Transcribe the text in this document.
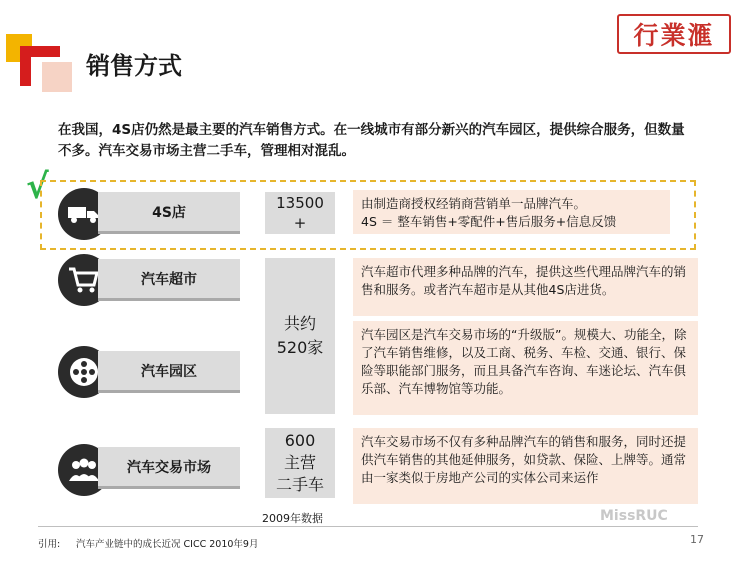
销售方式
行業滙
在我国，4S店仍然是最主要的汽车销售方式。在一线城市有部分新兴的汽车园区，提供综合服务，但数量不多。汽车交易市场主营二手车，管理相对混乱。
√
4S店
13500
+
由制造商授权经销商营销单一品牌汽车。
4S ＝ 整车销售+零配件+售后服务+信息反馈
汽车超市
共约
520家
汽车超市代理多种品牌的汽车，提供这些代理品牌汽车的销售和服务。或者汽车超市是从其他4S店进货。
汽车园区
汽车园区是汽车交易市场的“升级版”。规模大、功能全，除了汽车销售维修，以及工商、税务、车检、交通、银行、保险等职能部门服务，而且具备汽车咨询、车迷论坛、汽车俱乐部、汽车博物馆等功能。
汽车交易市场
600
主营
二手车
汽车交易市场不仅有多种品牌汽车的销售和服务，同时还提供汽车销售的其他延伸服务，如贷款、保险、上牌等。通常由一家类似于房地产公司的实体公司来运作
2009年数据	MissRUC
引用: 汽车产业链中的成长近况 CICC 2010年9月	17
